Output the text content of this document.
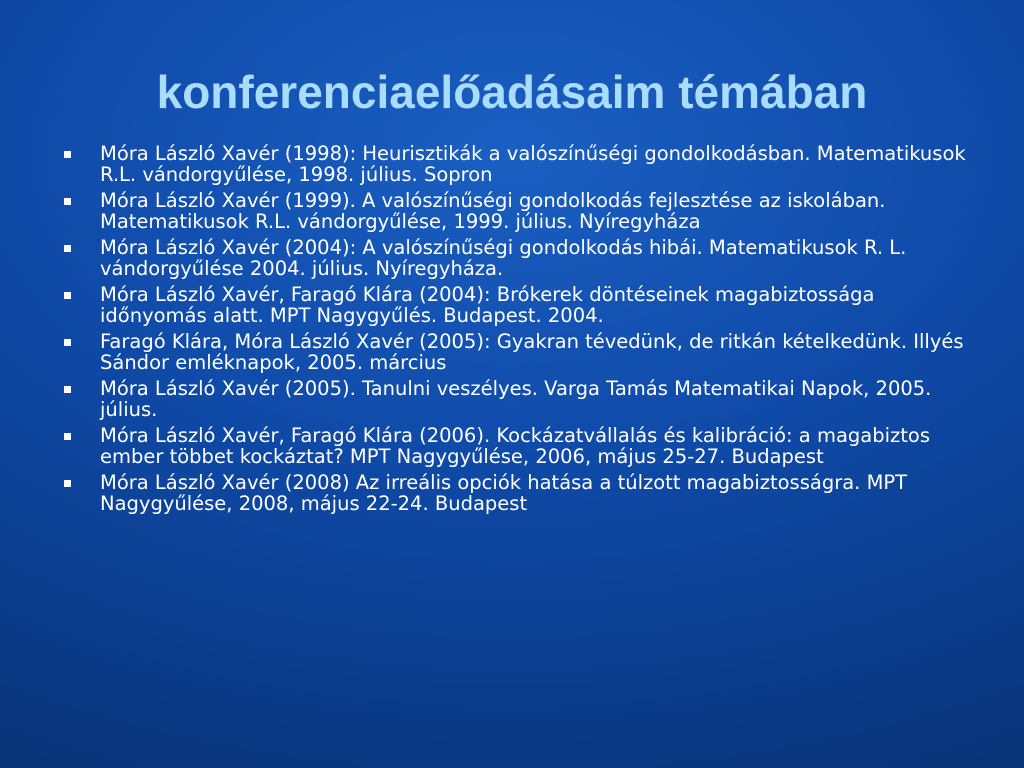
konferenciaelőadásaim témában
Móra László Xavér (1998): Heurisztikák a valószínűségi gondolkodásban. Matematikusok R.L. vándorgyűlése, 1998. július. Sopron
Móra László Xavér (1999). A valószínűségi gondolkodás fejlesztése az iskolában. Matematikusok R.L. vándorgyűlése, 1999. július. Nyíregyháza
Móra László Xavér (2004): A valószínűségi gondolkodás hibái. Matematikusok R. L. vándorgyűlése 2004. július. Nyíregyháza.
Móra László Xavér, Faragó Klára (2004): Brókerek döntéseinek magabiztossága időnyomás alatt. MPT Nagygyűlés. Budapest. 2004.
Faragó Klára, Móra László Xavér (2005): Gyakran tévedünk, de ritkán kételkedünk. Illyés Sándor emléknapok, 2005. március
Móra László Xavér (2005). Tanulni veszélyes. Varga Tamás Matematikai Napok, 2005. július.
Móra László Xavér, Faragó Klára (2006). Kockázatvállalás és kalibráció: a magabiztos ember többet kockáztat? MPT Nagygyűlése, 2006, május 25-27. Budapest
Móra László Xavér (2008) Az irreális opciók hatása a túlzott magabiztosságra. MPT Nagygyűlése, 2008, május 22-24. Budapest
